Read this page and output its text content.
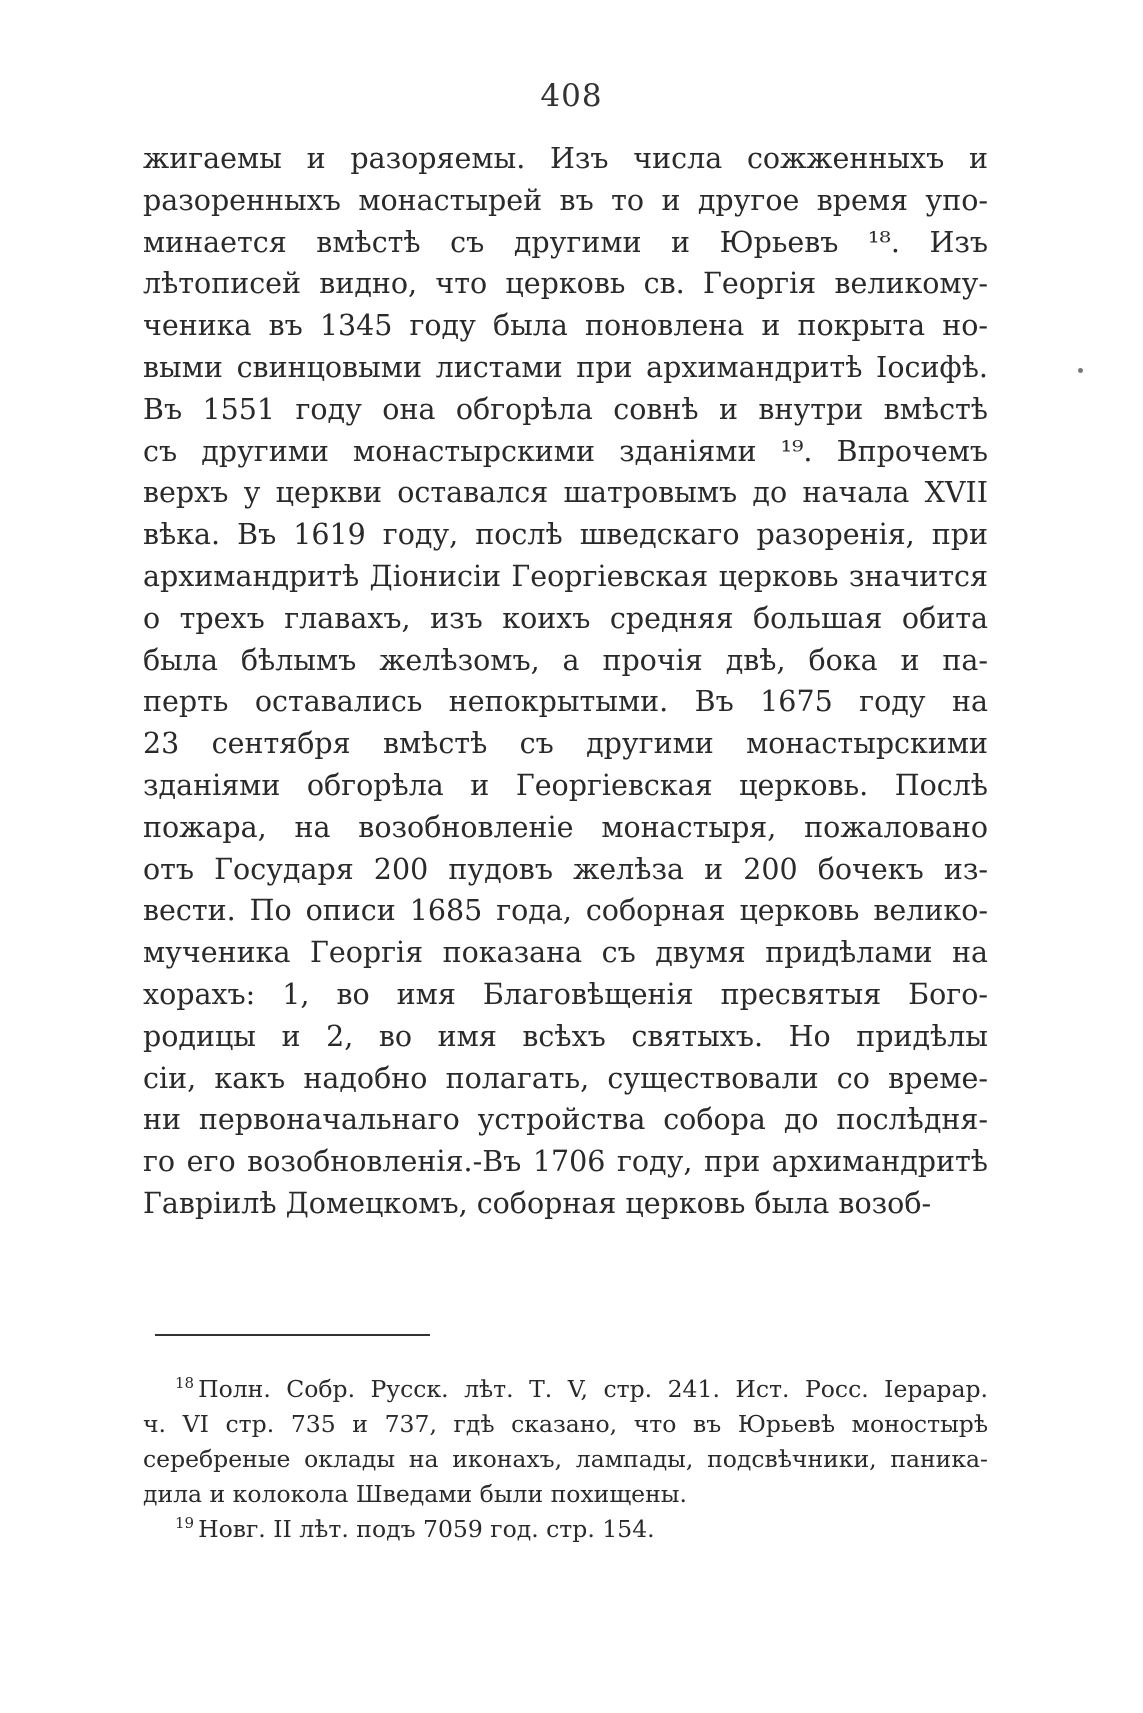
408
жигаемы и разоряемы. Изъ числа сожженныхъ и
разоренныхъ монастырей въ то и другое время упо-
минается вмѣстѣ съ другими и Юрьевъ ¹⁸. Изъ
лѣтописей видно, что церковь св. Георгія великому-
ченика въ 1345 году была поновлена и покрыта но-
выми свинцовыми листами при архимандритѣ Іосифѣ.
Въ 1551 году она обгорѣла совнѣ и внутри вмѣстѣ
съ другими монастырскими зданіями ¹⁹. Впрочемъ
верхъ у церкви оставался шатровымъ до начала XVII
вѣка. Въ 1619 году, послѣ шведскаго разоренія, при
архимандритѣ Діонисіи Георгіевская церковь значится
о трехъ главахъ, изъ коихъ средняя большая обита
была бѣлымъ желѣзомъ, а прочія двѣ, бока и па-
перть оставались непокрытыми. Въ 1675 году на
23 сентября вмѣстѣ съ другими монастырскими
зданіями обгорѣла и Георгіевская церковь. Послѣ
пожара, на возобновленіе монастыря, пожаловано
отъ Государя 200 пудовъ желѣза и 200 бочекъ из-
вести. По описи 1685 года, соборная церковь велико-
мученика Георгія показана съ двумя придѣлами на
хорахъ: 1, во имя Благовѣщенія пресвятыя Бого-
родицы и 2, во имя всѣхъ святыхъ. Но придѣлы
сіи, какъ надобно полагать, существовали со време-
ни первоначальнаго устройства собора до послѣдня-
го его возобновленія.-Въ 1706 году, при архимандритѣ
Гавріилѣ Домецкомъ, соборная церковь была возоб-
$^{18}$ Полн. Собр. Русск. лѣт. Т. V, стр. 241. Ист. Росс. Іерарар.
ч. VI стр. 735 и 737, гдѣ сказано, что въ Юрьевѣ моностырѣ
серебреные оклады на иконахъ, лампады, подсвѣчники, паника-
дила и колокола Шведами были похищены.
$^{19}$ Новг. II лѣт. подъ 7059 год. стр. 154.
